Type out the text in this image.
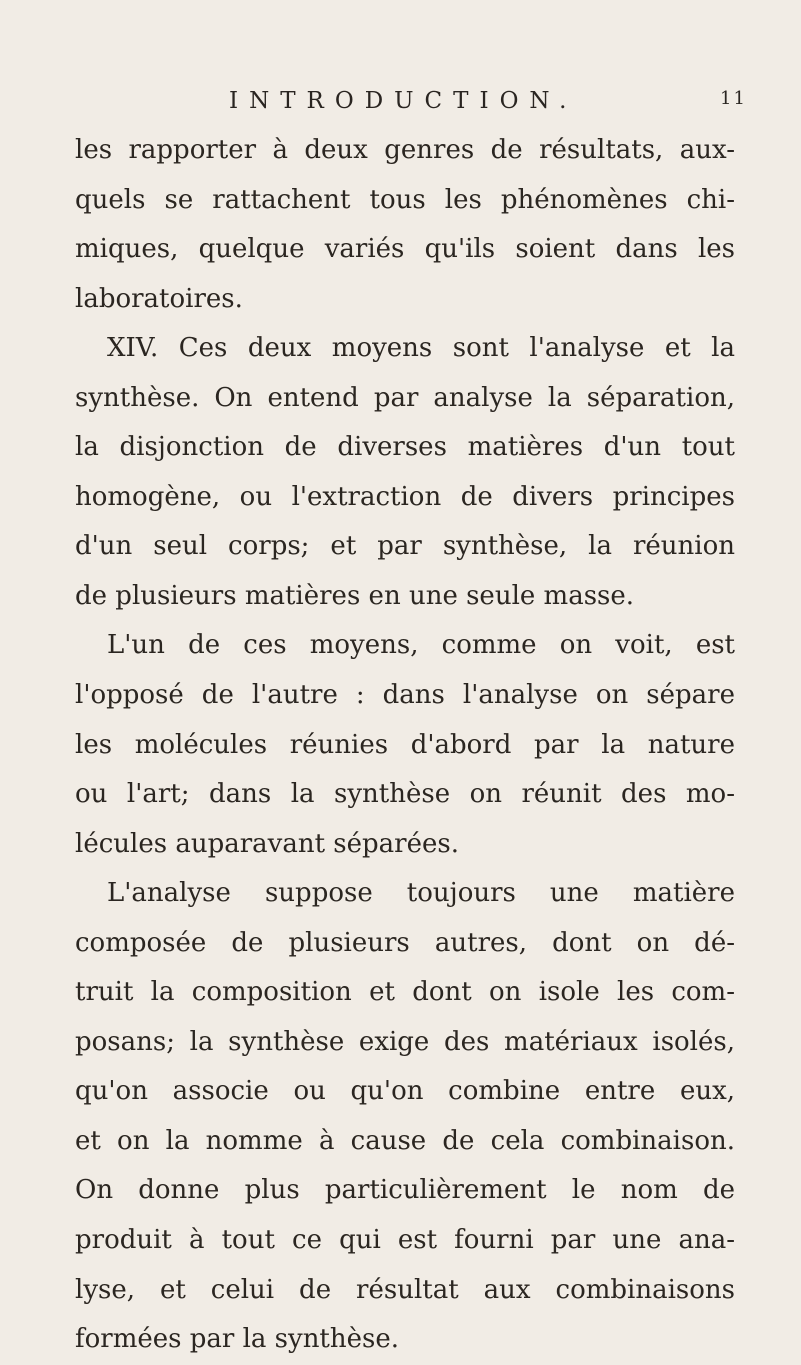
INTRODUCTION.	11
les rapporter à deux genres de résultats, aux-
quels se rattachent tous les phénomènes chi-
miques, quelque variés qu'ils soient dans les
laboratoires.
XIV. Ces deux moyens sont l'analyse et la
synthèse. On entend par analyse la séparation,
la disjonction de diverses matières d'un tout
homogène, ou l'extraction de divers principes
d'un seul corps; et par synthèse, la réunion
de plusieurs matières en une seule masse.
L'un de ces moyens, comme on voit, est
l'opposé de l'autre : dans l'analyse on sépare
les molécules réunies d'abord par la nature
ou l'art; dans la synthèse on réunit des mo-
lécules auparavant séparées.
L'analyse suppose toujours une matière
composée de plusieurs autres, dont on dé-
truit la composition et dont on isole les com-
posans; la synthèse exige des matériaux isolés,
qu'on associe ou qu'on combine entre eux,
et on la nomme à cause de cela combinaison.
On donne plus particulièrement le nom de
produit à tout ce qui est fourni par une ana-
lyse, et celui de résultat aux combinaisons
formées par la synthèse.
